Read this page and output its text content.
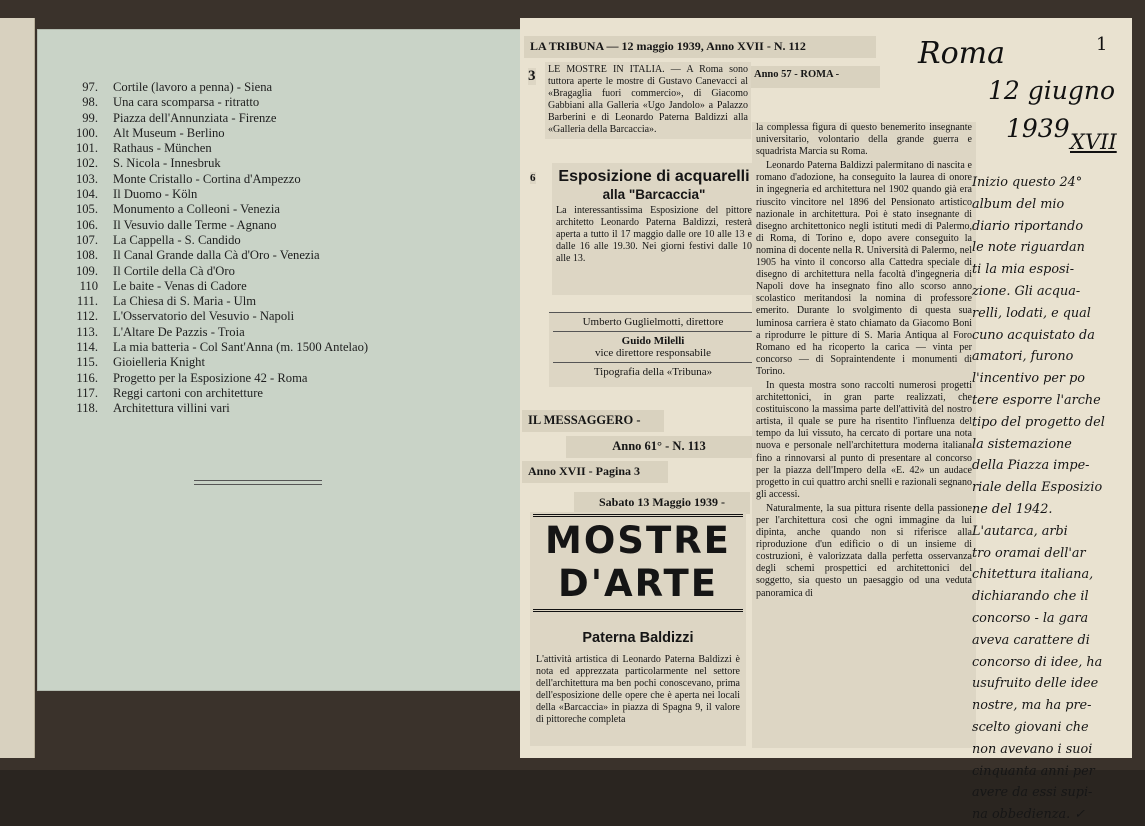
97.	Cortile (lavoro a penna) - Siena
98.	Una cara scomparsa - ritratto
99.	Piazza dell'Annunziata - Firenze
100.	Alt Museum - Berlino
101.	Rathaus - München
102.	S. Nicola - Innesbruk
103.	Monte Cristallo - Cortina d'Ampezzo
104.	Il Duomo - Köln
105.	Monumento a Colleoni - Venezia
106.	Il Vesuvio dalle Terme - Agnano
107.	La Cappella - S. Candido
108.	Il Canal Grande dalla Cà d'Oro - Venezia
109.	Il Cortile della Cà d'Oro
110	Le baite - Venas di Cadore
111.	La Chiesa di S. Maria - Ulm
112.	L'Osservatorio del Vesuvio - Napoli
113.	L'Altare De Pazzis - Troia
114.	La mia batteria - Col Sant'Anna (m. 1500 Antelao)
115.	Gioielleria Knight
116.	Progetto per la Esposizione 42 - Roma
117.	Reggi cartoni con architetture
118.	Architettura villini vari
LA TRIBUNA — 12 maggio 1939, Anno XVII - N. 112
Anno 57 - ROMA -
3 LE MOSTRE IN ITALIA. — A Roma sono tuttora aperte le mostre di Gustavo Canevacci al «Bragaglia fuori commercio», di Giacomo Gabbiani alla Galleria «Ugo Jandolo» a Palazzo Barberini e di Leonardo Paterna Baldizzi alla «Galleria della Barcaccia».

6 Esposizione di acquarelli
alla "Barcaccia"

La interessantissima Esposizione del pittore architetto Leonardo Paterna Baldizzi, resterà aperta a tutto il 17 maggio dalle ore 10 alle 13 e dalle 16 alle 19.30. Nei giorni festivi dalle 10 alle 13.

Umberto Guglielmotti, direttore
Guido Milelli
vice direttore responsabile
Tipografia della «Tribuna»
IL MESSAGGERO -
Anno 61° - N. 113
Anno XVII - Pagina 3
Sabato 13 Maggio 1939 -
MOSTRE
D'ARTE
Paterna Baldizzi

L'attività artistica di Leonardo Paterna Baldizzi è nota ed apprezzata particolarmente nel settore dell'architettura ma ben pochi conoscevano, prima dell'esposizione delle opere che è aperta nei locali della «Barcaccia» in piazza di Spagna 9, il valore di pittoreche completa

la complessa figura di questo benemerito insegnante universitario, volontario della grande guerra e squadrista Marcia su Roma.

Leonardo Paterna Baldizzi palermitano di nascita e romano d'adozione, ha conseguito la laurea di onore in ingegneria ed architettura nel 1902 quando già era riuscito vincitore nel 1896 del Pensionato artistico nazionale in architettura. Poi è stato insegnante di disegno architettonico negli istituti medi di Palermo, di Roma, di Torino e, dopo avere conseguito la nomina di docente nella R. Università di Palermo, nel 1905 ha vinto il concorso alla Cattedra speciale di disegno di architettura nella facoltà d'ingegneria di Napoli dove ha insegnato fino allo scorso anno scolastico meritandosi la nomina di professore emerito. Durante lo svolgimento di questa sua luminosa carriera è stato chiamato da Giacomo Boni a riprodurre le pitture di S. Maria Antiqua al Foro Romano ed ha ricoperto la carica — vinta per concorso — di Sopraintendente i monumenti di Torino.

In questa mostra sono raccolti numerosi progetti architettonici, in gran parte realizzati, che costituiscono la massima parte dell'attività del nostro artista, il quale se pure ha risentito l'influenza del tempo da lui vissuto, ha cercato di portare una nota nuova e personale nell'architettura moderna italiana fino a rinnovarsi al punto di presentare al concorso per la piazza dell'Impero della «E. 42» un audace progetto in cui quattro archi snelli e razionali segnano gli accessi.

Naturalmente, la sua pittura risente della passione per l'architettura così che ogni immagine da lui dipinta, anche quando non si riferisce alla riproduzione d'un edificio o di un insieme di costruzioni, è valorizzata dalla perfetta osservanza degli schemi prospettici ed architettonici del soggetto, sia questo un paesaggio od una veduta panoramica di

1
Roma
12 giugno
1939 XVII

Inizio questo 24°
album del mio
diario riportando
le note riguardan
ti la mia esposi-
zione. Gli acqua-
relli, lodati, e qual
cuno acquistato da
amatori, furono
l'incentivo per po
tere esporre l'arche
tipo del progetto del
la sistemazione
della Piazza impe-
riale della Esposizio
ne del 1942.
L'autarca, arbi
tro oramai dell'ar
chitettura italiana,
dichiarando che il
concorso - la gara
aveva carattere di
concorso di idee, ha
usufruito delle idee
nostre, ma ha pre-
scelto giovani che
non avevano i suoi
cinquanta anni per
avere da essi supi-
na obbedienza. ✓
